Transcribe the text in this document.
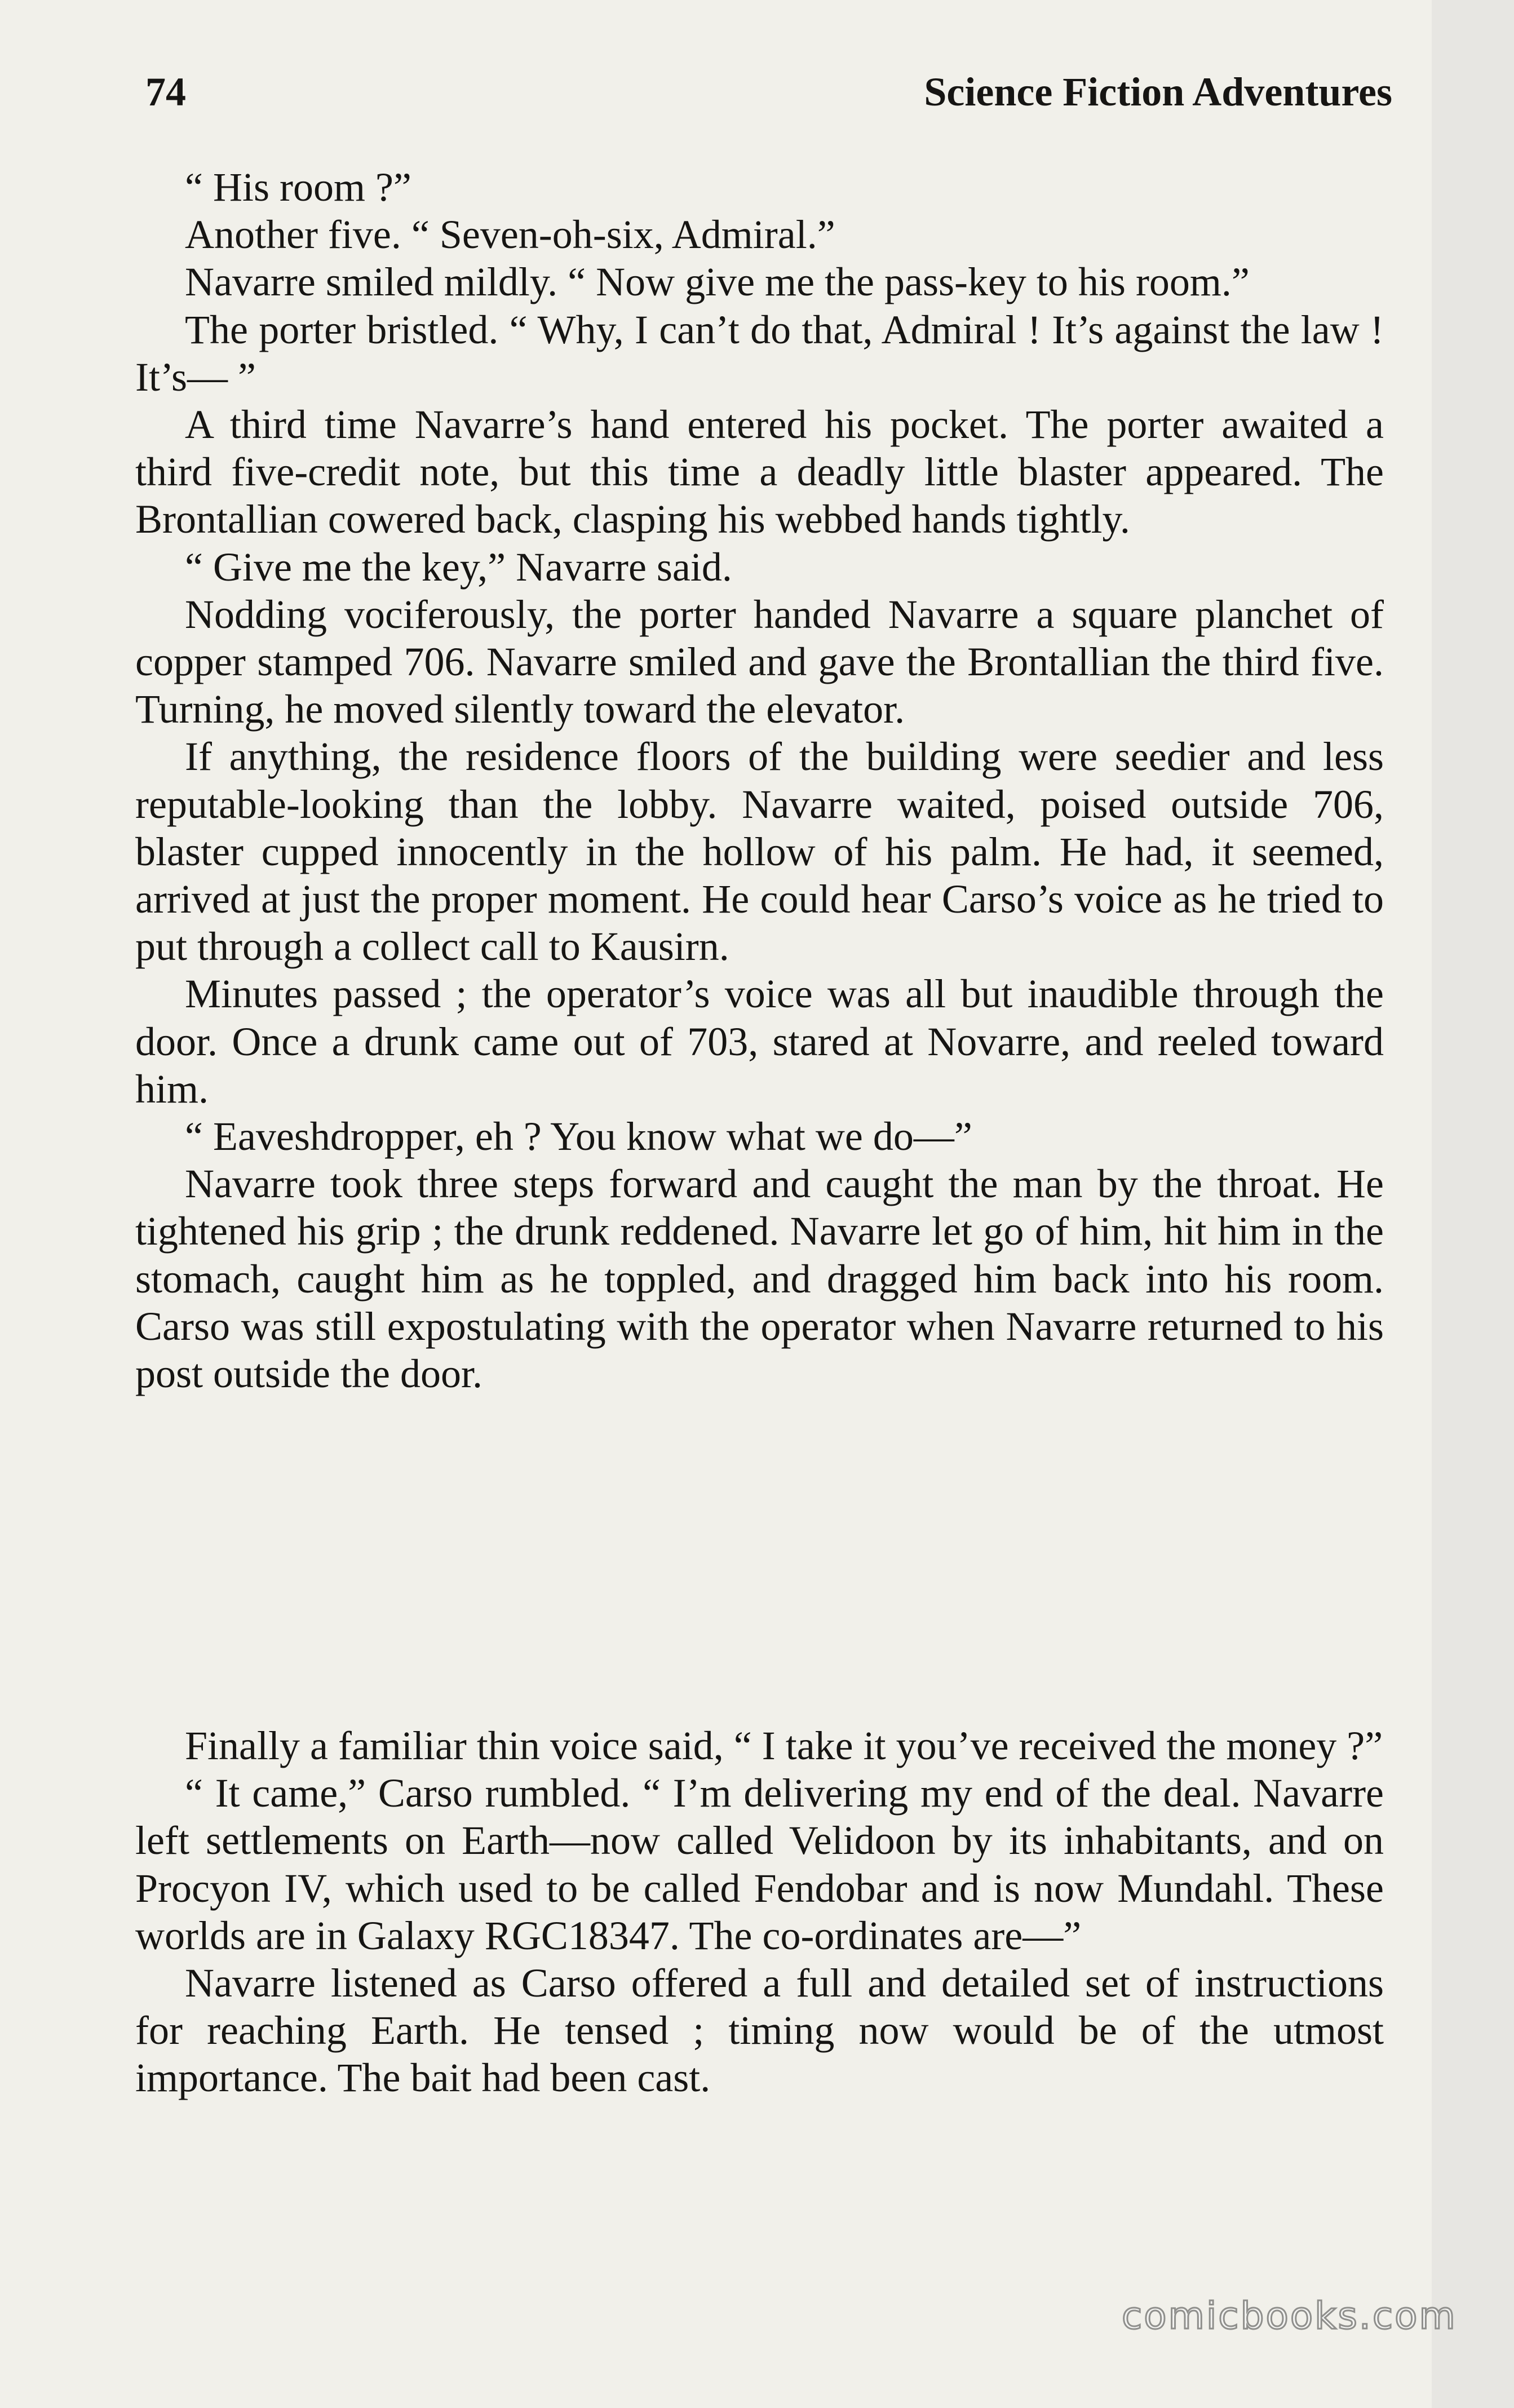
74	Science Fiction Adventures

“ His room ?”

Another five. “ Seven-oh-six, Admiral.”

Navarre smiled mildly. “ Now give me the pass-key to his room.”

The porter bristled. “ Why, I can’t do that, Admiral ! It’s against the law ! It’s— ”

A third time Navarre’s hand entered his pocket. The porter awaited a third five-credit note, but this time a deadly little blaster appeared. The Brontallian cowered back, clasping his webbed hands tightly.

“ Give me the key,” Navarre said.

Nodding vociferously, the porter handed Navarre a square planchet of copper stamped 706. Navarre smiled and gave the Brontallian the third five. Turning, he moved silently toward the elevator.

If anything, the residence floors of the building were seedier and less reputable-looking than the lobby. Navarre waited, poised outside 706, blaster cupped innocently in the hollow of his palm. He had, it seemed, arrived at just the proper moment. He could hear Carso’s voice as he tried to put through a collect call to Kausirn.

Minutes passed ; the operator’s voice was all but inaudible through the door. Once a drunk came out of 703, stared at Novarre, and reeled toward him.

“ Eaveshdropper, eh ? You know what we do—”

Navarre took three steps forward and caught the man by the throat. He tightened his grip ; the drunk reddened. Navarre let go of him, hit him in the stomach, caught him as he toppled, and dragged him back into his room. Carso was still expostulating with the operator when Navarre returned to his post outside the door.

Finally a familiar thin voice said, “ I take it you’ve received the money ?”

“ It came,” Carso rumbled. “ I’m delivering my end of the deal. Navarre left settlements on Earth—now called Velidoon by its inhabitants, and on Procyon IV, which used to be called Fendobar and is now Mundahl. These worlds are in Galaxy RGC18347. The co-ordinates are—”

Navarre listened as Carso offered a full and detailed set of instructions for reaching Earth. He tensed ; timing now would be of the utmost importance. The bait had been cast.

comicbooks.com
